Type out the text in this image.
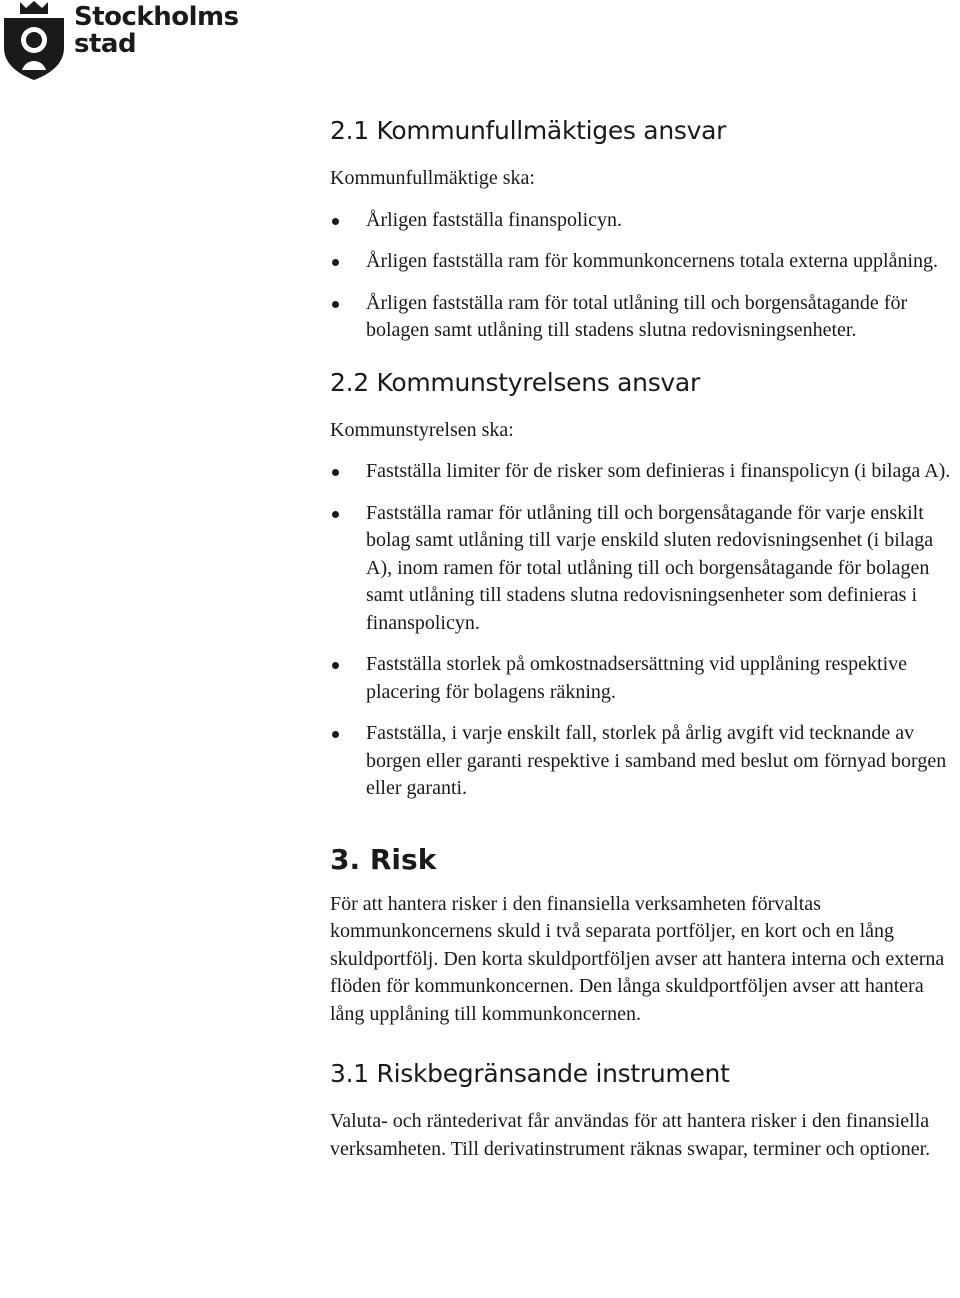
Stockholms
stad
2.1 Kommunfullmäktiges ansvar

Kommunfullmäktige ska:

Årligen fastställa finanspolicyn.
Årligen fastställa ram för kommunkoncernens totala externa upplåning.
Årligen fastställa ram för total utlåning till och borgensåtagande för bolagen samt utlåning till stadens slutna redovisningsenheter.
2.2 Kommunstyrelsens ansvar

Kommunstyrelsen ska:

Fastställa limiter för de risker som definieras i finanspolicyn (i bilaga A).
Fastställa ramar för utlåning till och borgensåtagande för varje enskilt bolag samt utlåning till varje enskild sluten redovisningsenhet (i bilaga A), inom ramen för total utlåning till och borgensåtagande för bolagen samt utlåning till stadens slutna redovisningsenheter som definieras i finanspolicyn.
Fastställa storlek på omkostnadsersättning vid upplåning respektive placering för bolagens räkning.
Fastställa, i varje enskilt fall, storlek på årlig avgift vid tecknande av borgen eller garanti respektive i samband med beslut om förnyad borgen eller garanti.
3. Risk

För att hantera risker i den finansiella verksamheten förvaltas kommunkoncernens skuld i två separata portföljer, en kort och en lång skuldportfölj. Den korta skuldportföljen avser att hantera interna och externa flöden för kommunkoncernen. Den långa skuldportföljen avser att hantera lång upplåning till kommunkoncernen.

3.1 Riskbegränsande instrument

Valuta- och räntederivat får användas för att hantera risker i den finansiella verksamheten. Till derivatinstrument räknas swapar, terminer och optioner.
